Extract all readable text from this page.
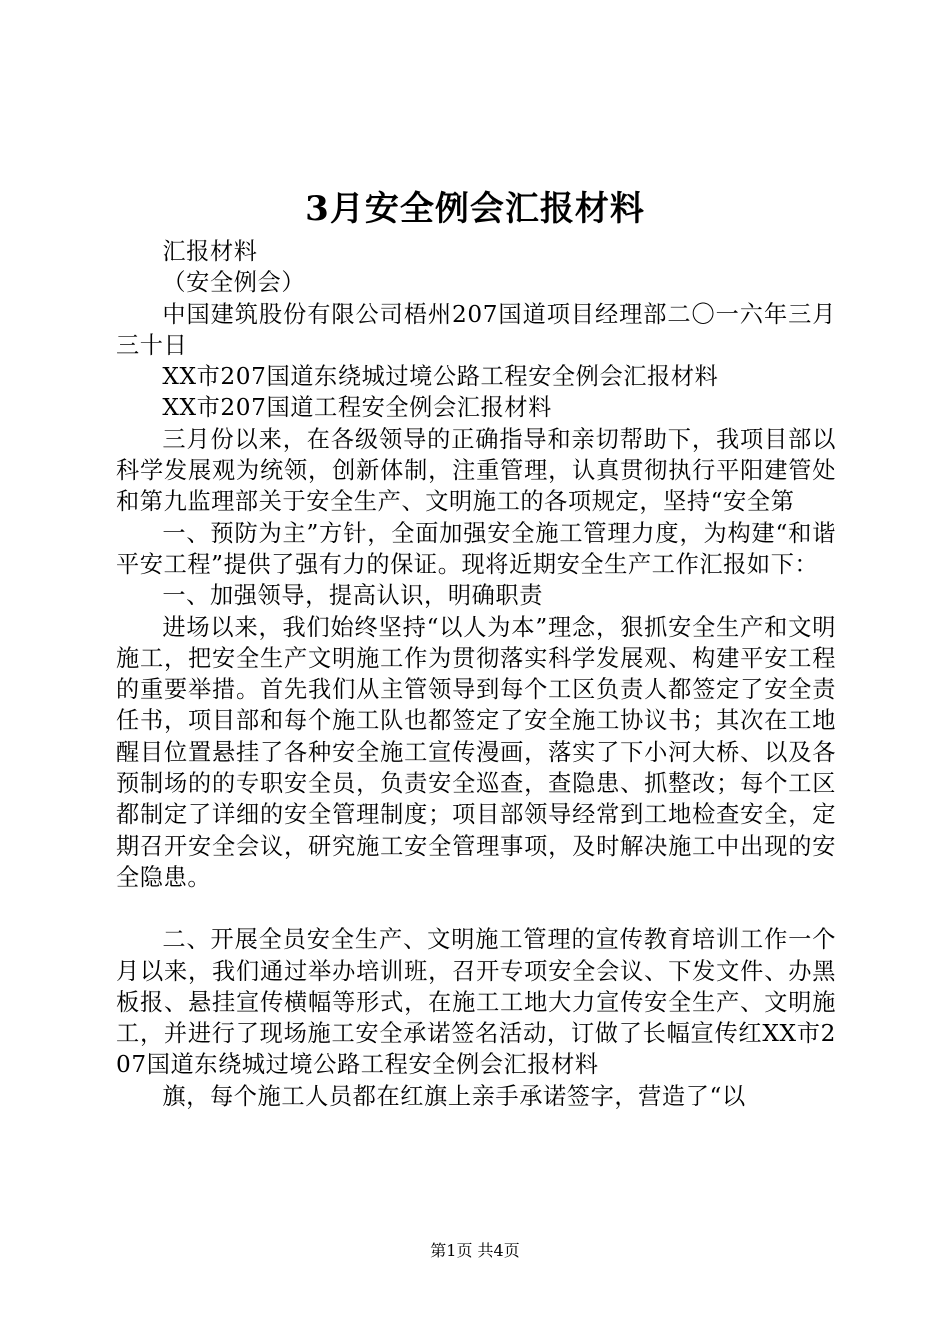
3月安全例会汇报材料

汇报材料

（安全例会）

中国建筑股份有限公司梧州207国道项目经理部二〇一六年三月三十日

XX市207国道东绕城过境公路工程安全例会汇报材料

XX市207国道工程安全例会汇报材料

三月份以来，在各级领导的正确指导和亲切帮助下，我项目部以科学发展观为统领，创新体制，注重管理，认真贯彻执行平阳建管处和第九监理部关于安全生产、文明施工的各项规定，坚持“安全第

一、预防为主”方针，全面加强安全施工管理力度，为构建“和谐平安工程”提供了强有力的保证。现将近期安全生产工作汇报如下：

一、加强领导，提高认识，明确职责

进场以来，我们始终坚持“以人为本”理念，狠抓安全生产和文明施工，把安全生产文明施工作为贯彻落实科学发展观、构建平安工程的重要举措。首先我们从主管领导到每个工区负责人都签定了安全责任书，项目部和每个施工队也都签定了安全施工协议书；其次在工地醒目位置悬挂了各种安全施工宣传漫画，落实了下小河大桥、以及各预制场的的专职安全员，负责安全巡查，查隐患、抓整改；每个工区都制定了详细的安全管理制度；项目部领导经常到工地检查安全，定期召开安全会议，研究施工安全管理事项，及时解决施工中出现的安全隐患。

二、开展全员安全生产、文明施工管理的宣传教育培训工作一个月以来，我们通过举办培训班，召开专项安全会议、下发文件、办黑板报、悬挂宣传横幅等形式，在施工工地大力宣传安全生产、文明施工，并进行了现场施工安全承诺签名活动，订做了长幅宣传红XX市207国道东绕城过境公路工程安全例会汇报材料

旗，每个施工人员都在红旗上亲手承诺签字，营造了“以

第1页 共4页
